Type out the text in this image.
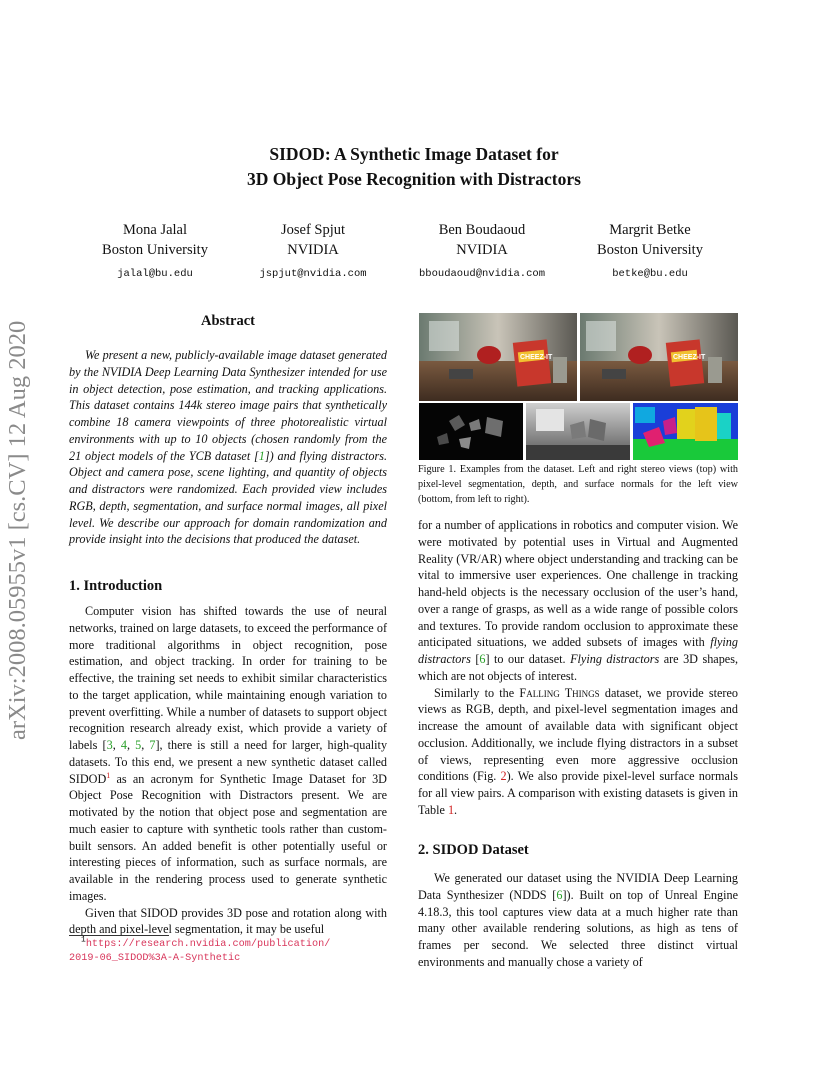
SIDOD: A Synthetic Image Dataset for
3D Object Pose Recognition with Distractors
Mona Jalal
Boston University
jalal@bu.edu
Josef Spjut
NVIDIA
jspjut@nvidia.com
Ben Boudaoud
NVIDIA
bboudaoud@nvidia.com
Margrit Betke
Boston University
betke@bu.edu
arXiv:2008.05955v1 [cs.CV] 12 Aug 2020	Abstract

We present a new, publicly-available image dataset generated by the NVIDIA Deep Learning Data Synthesizer intended for use in object detection, pose estimation, and tracking applications. This dataset contains 144k stereo image pairs that synthetically combine 18 camera viewpoints of three photorealistic virtual environments with up to 10 objects (chosen randomly from the 21 object models of the YCB dataset [1]) and flying distractors. Object and camera pose, scene lighting, and quantity of objects and distractors were randomized. Each provided view includes RGB, depth, segmentation, and surface normal images, all pixel level. We describe our approach for domain randomization and provide insight into the decisions that produced the dataset.

1. Introduction

Computer vision has shifted towards the use of neural networks, trained on large datasets, to exceed the performance of more traditional algorithms in object recognition, pose estimation, and object tracking. In order for training to be effective, the training set needs to exhibit similar characteristics to the target application, while maintaining enough variation to prevent overfitting. While a number of datasets to support object recognition research already exist, which provide a variety of labels [3, 4, 5, 7], there is still a need for larger, high-quality datasets. To this end, we present a new synthetic dataset called SIDOD$^1$ as an acronym for Synthetic Image Dataset for 3D Object Pose Recognition with Distractors present. We are motivated by the notion that object pose and segmentation are much easier to capture with synthetic tools rather than custom-built sensors. An added benefit is other potentially useful or interesting pieces of information, such as surface normals, are available in the rendering process used to generate synthetic images.

Given that SIDOD provides 3D pose and rotation along with depth and pixel-level segmentation, it may be useful

$^1$https://research.nvidia.com/publication/
2019-06_SIDOD%3A-A-Synthetic
CHEEZ-IT	CHEEZ-IT
Figure 1. Examples from the dataset. Left and right stereo views (top) with pixel-level segmentation, depth, and surface normals for the left view (bottom, from left to right).

for a number of applications in robotics and computer vision. We were motivated by potential uses in Virtual and Augmented Reality (VR/AR) where object understanding and tracking can be vital to immersive user experiences. One challenge in tracking hand-held objects is the necessary occlusion of the user’s hand, over a range of grasps, as well as a wide range of possible colors and textures. To provide random occlusion to approximate these anticipated situations, we added subsets of images with flying distractors [6] to our dataset. Flying distractors are 3D shapes, which are not objects of interest.

Similarly to the Falling Things dataset, we provide stereo views as RGB, depth, and pixel-level segmentation images and increase the amount of available data with significant object occlusion. Additionally, we include flying distractors in a subset of views, representing even more aggressive occlusion conditions (Fig. 2). We also provide pixel-level surface normals for all view pairs. A comparison with existing datasets is given in Table 1.

2. SIDOD Dataset

We generated our dataset using the NVIDIA Deep Learning Data Synthesizer (NDDS [6]). Built on top of Unreal Engine 4.18.3, this tool captures view data at a much higher rate than many other available rendering solutions, as high as tens of frames per second. We selected three distinct virtual environments and manually chose a variety of
